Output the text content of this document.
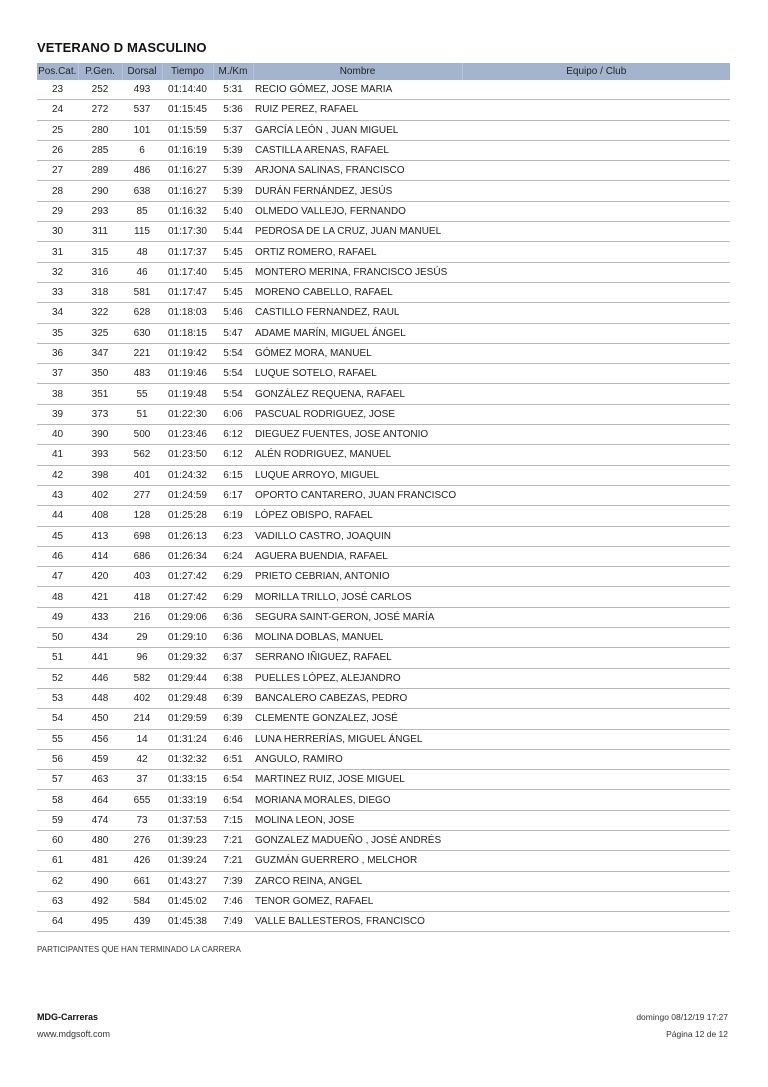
VETERANO D MASCULINO
Pos.Cat.	P.Gen.	Dorsal	Tiempo	M./Km	Nombre	Equipo / Club
23	252	493	01:14:40	5:31	RECIO GÓMEZ, JOSE MARIA	
24	272	537	01:15:45	5:36	RUIZ PEREZ, RAFAEL	
25	280	101	01:15:59	5:37	GARCÍA LEÓN , JUAN MIGUEL	
26	285	6	01:16:19	5:39	CASTILLA ARENAS, RAFAEL	
27	289	486	01:16:27	5:39	ARJONA SALINAS, FRANCISCO	
28	290	638	01:16:27	5:39	DURÁN FERNÁNDEZ, JESÚS	
29	293	85	01:16:32	5:40	OLMEDO VALLEJO, FERNANDO	
30	311	115	01:17:30	5:44	PEDROSA DE LA CRUZ, JUAN MANUEL	
31	315	48	01:17:37	5:45	ORTIZ ROMERO, RAFAEL	
32	316	46	01:17:40	5:45	MONTERO MERINA, FRANCISCO JESÚS	
33	318	581	01:17:47	5:45	MORENO CABELLO, RAFAEL	
34	322	628	01:18:03	5:46	CASTILLO FERNANDEZ, RAUL	
35	325	630	01:18:15	5:47	ADAME MARÍN, MIGUEL ÁNGEL	
36	347	221	01:19:42	5:54	GÓMEZ MORA, MANUEL	
37	350	483	01:19:46	5:54	LUQUE SOTELO, RAFAEL	
38	351	55	01:19:48	5:54	GONZÁLEZ REQUENA, RAFAEL	
39	373	51	01:22:30	6:06	PASCUAL RODRIGUEZ, JOSE	
40	390	500	01:23:46	6:12	DIEGUEZ FUENTES, JOSE ANTONIO	
41	393	562	01:23:50	6:12	ALÉN RODRIGUEZ, MANUEL	
42	398	401	01:24:32	6:15	LUQUE ARROYO, MIGUEL	
43	402	277	01:24:59	6:17	OPORTO CANTARERO, JUAN FRANCISCO	
44	408	128	01:25:28	6:19	LÓPEZ OBISPO, RAFAEL	
45	413	698	01:26:13	6:23	VADILLO CASTRO, JOAQUIN	
46	414	686	01:26:34	6:24	AGUERA BUENDIA, RAFAEL	
47	420	403	01:27:42	6:29	PRIETO CEBRIAN, ANTONIO	
48	421	418	01:27:42	6:29	MORILLA TRILLO, JOSÉ CARLOS	
49	433	216	01:29:06	6:36	SEGURA SAINT-GERON, JOSÉ MARÍA	
50	434	29	01:29:10	6:36	MOLINA DOBLAS, MANUEL	
51	441	96	01:29:32	6:37	SERRANO IÑIGUEZ, RAFAEL	
52	446	582	01:29:44	6:38	PUELLES LÓPEZ, ALEJANDRO	
53	448	402	01:29:48	6:39	BANCALERO CABEZAS, PEDRO	
54	450	214	01:29:59	6:39	CLEMENTE GONZALEZ, JOSÉ	
55	456	14	01:31:24	6:46	LUNA HERRERÍAS, MIGUEL ÁNGEL	
56	459	42	01:32:32	6:51	ANGULO, RAMIRO	
57	463	37	01:33:15	6:54	MARTINEZ RUIZ, JOSE MIGUEL	
58	464	655	01:33:19	6:54	MORIANA MORALES, DIEGO	
59	474	73	01:37:53	7:15	MOLINA LEON, JOSE	
60	480	276	01:39:23	7:21	GONZALEZ MADUEÑO , JOSÉ ANDRÉS	
61	481	426	01:39:24	7:21	GUZMÁN GUERRERO , MELCHOR	
62	490	661	01:43:27	7:39	ZARCO REINA, ANGEL	
63	492	584	01:45:02	7:46	TENOR GOMEZ, RAFAEL	
64	495	439	01:45:38	7:49	VALLE BALLESTEROS, FRANCISCO	
PARTICIPANTES QUE HAN TERMINADO LA CARRERA
MDG-Carreras
www.mdgsoft.com
domingo 08/12/19 17:27
Página 12 de 12
